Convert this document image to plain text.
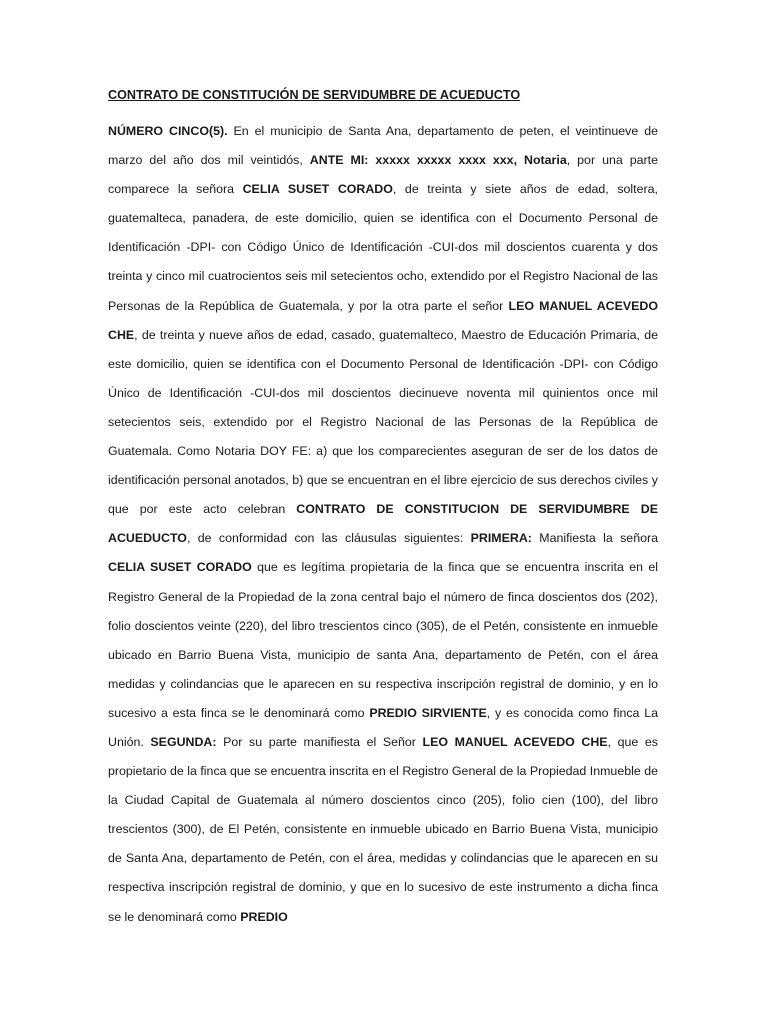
CONTRATO DE CONSTITUCIÓN DE SERVIDUMBRE DE ACUEDUCTO

NÚMERO CINCO(5). En el municipio de Santa Ana, departamento de peten, el veintinueve de marzo del año dos mil veintidós, ANTE MI: xxxxx xxxxx xxxx xxx, Notaria, por una parte comparece la señora CELIA SUSET CORADO, de treinta y siete años de edad, soltera, guatemalteca, panadera, de este domicilio, quien se identifica con el Documento Personal de Identificación -DPI- con Código Único de Identificación -CUI-dos mil doscientos cuarenta y dos treinta y cinco mil cuatrocientos seis mil setecientos ocho, extendido por el Registro Nacional de las Personas de la República de Guatemala, y por la otra parte el señor LEO MANUEL ACEVEDO CHE, de treinta y nueve años de edad, casado, guatemalteco, Maestro de Educación Primaria, de este domicilio, quien se identifica con el Documento Personal de Identificación -DPI- con Código Único de Identificación -CUI-dos mil doscientos diecinueve noventa mil quinientos once mil setecientos seis, extendido por el Registro Nacional de las Personas de la República de Guatemala. Como Notaria DOY FE: a) que los comparecientes aseguran de ser de los datos de identificación personal anotados, b) que se encuentran en el libre ejercicio de sus derechos civiles y que por este acto celebran CONTRATO DE CONSTITUCION DE SERVIDUMBRE DE ACUEDUCTO, de conformidad con las cláusulas siguientes: PRIMERA: Manifiesta la señora CELIA SUSET CORADO que es legítima propietaria de la finca que se encuentra inscrita en el Registro General de la Propiedad de la zona central bajo el número de finca doscientos dos (202), folio doscientos veinte (220), del libro trescientos cinco (305), de el Petén, consistente en inmueble ubicado en Barrio Buena Vista, municipio de santa Ana, departamento de Petén, con el área medidas y colindancias que le aparecen en su respectiva inscripción registral de dominio, y en lo sucesivo a esta finca se le denominará como PREDIO SIRVIENTE, y es conocida como finca La Unión. SEGUNDA: Por su parte manifiesta el Señor LEO MANUEL ACEVEDO CHE, que es propietario de la finca que se encuentra inscrita en el Registro General de la Propiedad Inmueble de la Ciudad Capital de Guatemala al número doscientos cinco (205), folio cien (100), del libro trescientos (300), de El Petén, consistente en inmueble ubicado en Barrio Buena Vista, municipio de Santa Ana, departamento de Petén, con el área, medidas y colindancias que le aparecen en su respectiva inscripción registral de dominio, y que en lo sucesivo de este instrumento a dicha finca se le denominará como PREDIO
